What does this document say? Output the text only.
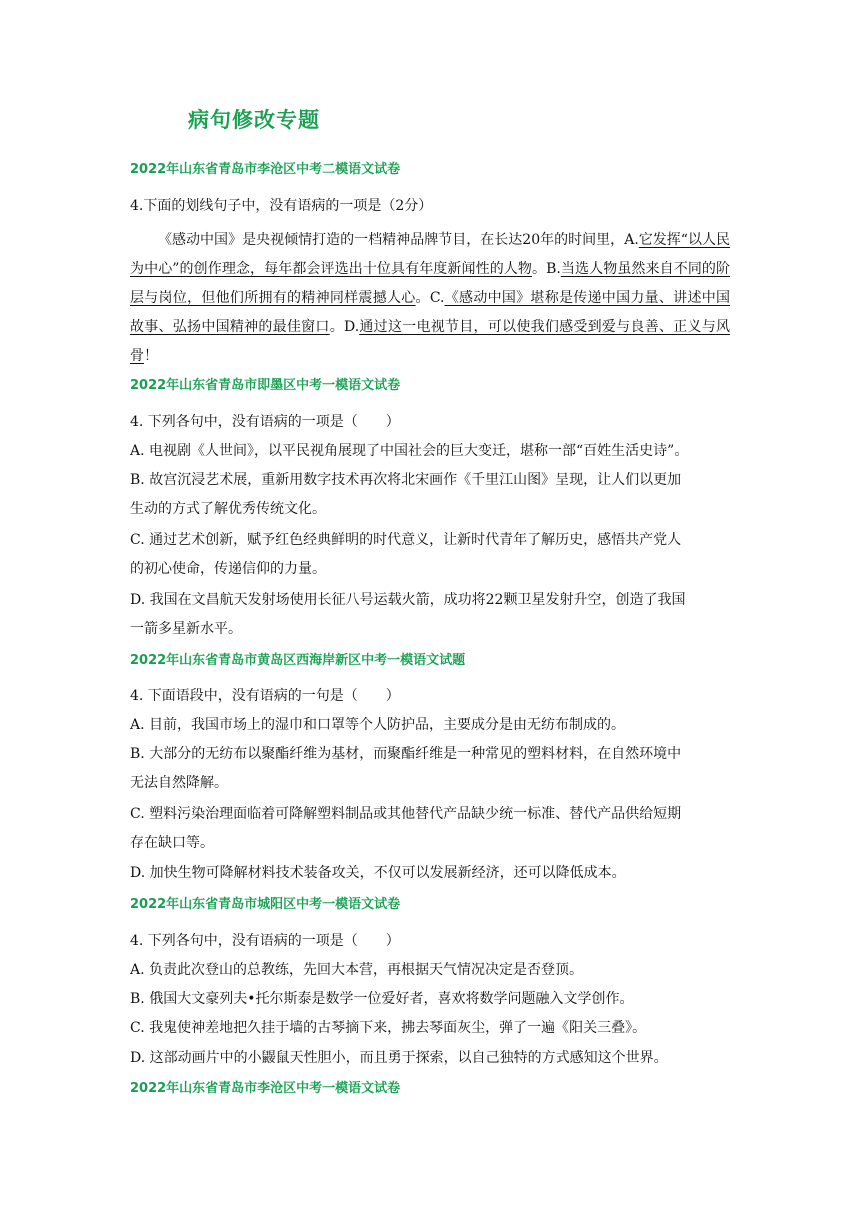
病句修改专题
2022年山东省青岛市李沧区中考二模语文试卷
4.下面的划线句子中，没有语病的一项是（2分）
《感动中国》是央视倾情打造的一档精神品牌节目，在长达20年的时间里，A.它发挥“以人民为中心”的创作理念，每年都会评选出十位具有年度新闻性的人物。B.当选人物虽然来自不同的阶层与岗位，但他们所拥有的精神同样震撼人心。C.《感动中国》堪称是传递中国力量、讲述中国故事、弘扬中国精神的最佳窗口。D.通过这一电视节目，可以使我们感受到爱与良善、正义与风骨！
2022年山东省青岛市即墨区中考一模语文试卷
4. 下列各句中，没有语病的一项是（　　）
A. 电视剧《人世间》，以平民视角展现了中国社会的巨大变迁，堪称一部“百姓生活史诗”。
B. 故宫沉浸艺术展，重新用数字技术再次将北宋画作《千里江山图》呈现，让人们以更加
生动的方式了解优秀传统文化。
C. 通过艺术创新，赋予红色经典鲜明的时代意义，让新时代青年了解历史，感悟共产党人
的初心使命，传递信仰的力量。
D. 我国在文昌航天发射场使用长征八号运载火箭，成功将22颗卫星发射升空，创造了我国
一箭多星新水平。
2022年山东省青岛市黄岛区西海岸新区中考一模语文试题
4. 下面语段中，没有语病的一句是（　　）
A. 目前，我国市场上的湿巾和口罩等个人防护品，主要成分是由无纺布制成的。
B. 大部分的无纺布以聚酯纤维为基材，而聚酯纤维是一种常见的塑料材料，在自然环境中
无法自然降解。
C. 塑料污染治理面临着可降解塑料制品或其他替代产品缺少统一标准、替代产品供给短期
存在缺口等。
D. 加快生物可降解材料技术装备攻关，不仅可以发展新经济，还可以降低成本。
2022年山东省青岛市城阳区中考一模语文试卷
4. 下列各句中，没有语病的一项是（　　）
A. 负责此次登山的总教练，先回大本营，再根据天气情况决定是否登顶。
B. 俄国大文豪列夫•托尔斯泰是数学一位爱好者，喜欢将数学问题融入文学创作。
C. 我鬼使神差地把久挂于墙的古琴摘下来，拂去琴面灰尘，弹了一遍《阳关三叠》。
D. 这部动画片中的小鼹鼠天性胆小，而且勇于探索，以自己独特的方式感知这个世界。
2022年山东省青岛市李沧区中考一模语文试卷
